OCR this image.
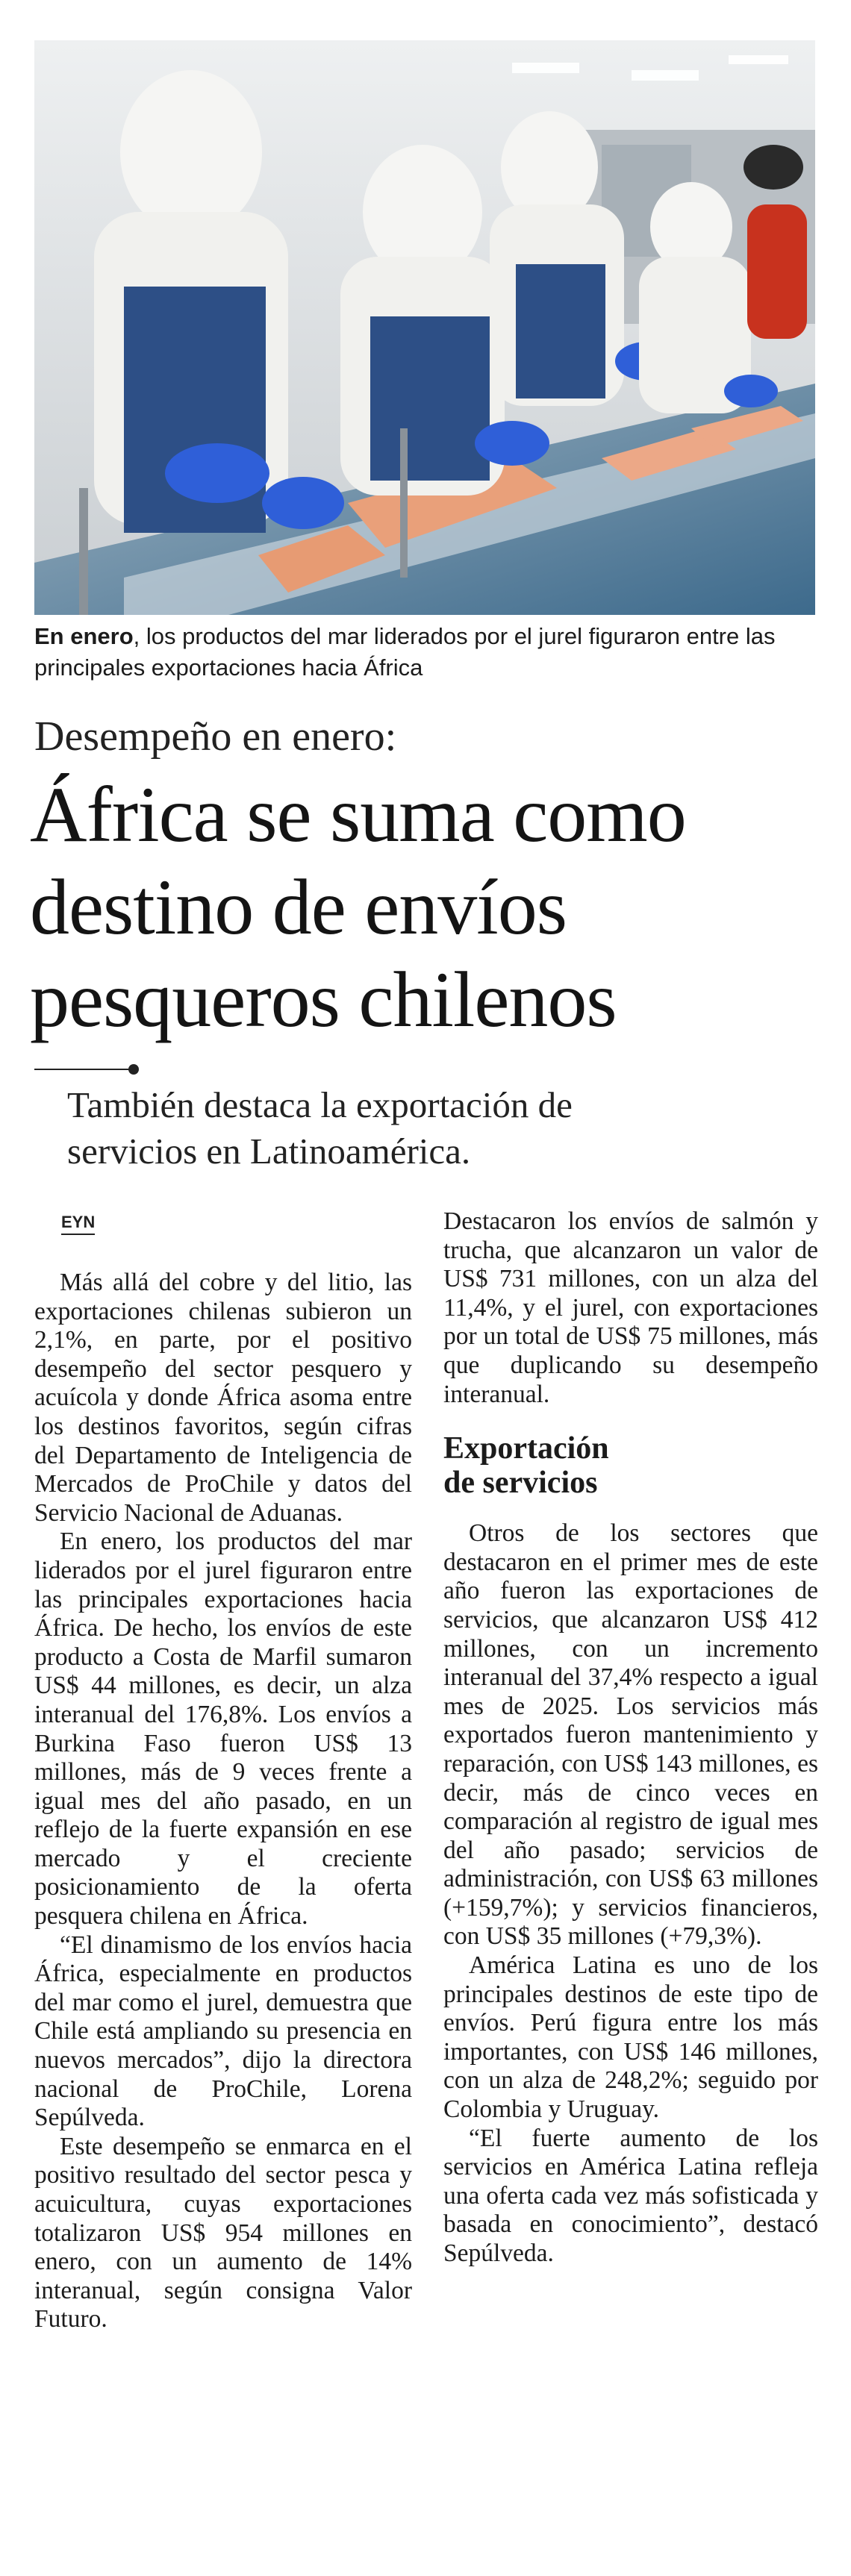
En enero, los productos del mar liderados por el jurel figuraron entre las principales exportaciones hacia África
Desempeño en enero:
África se suma como
destino de envíos
pesqueros chilenos
También destaca la exportación de
servicios en Latinoamérica.
EYN

Más allá del cobre y del litio, las exportaciones chilenas subieron un 2,1%, en parte, por el positivo desempeño del sector pesquero y acuícola y donde África asoma entre los destinos favoritos, según cifras del Departamento de Inteligencia de Mercados de ProChile y datos del Servicio Nacional de Aduanas.

En enero, los productos del mar liderados por el jurel figuraron entre las principales exportaciones hacia África. De hecho, los envíos de este producto a Costa de Marfil sumaron US$ 44 millones, es decir, un alza interanual del 176,8%. Los envíos a Burkina Faso fueron US$ 13 millones, más de 9 veces frente a igual mes del año pasado, en un reflejo de la fuerte expansión en ese mercado y el creciente posicionamiento de la oferta pesquera chilena en África.

“El dinamismo de los envíos hacia África, especialmente en productos del mar como el jurel, demuestra que Chile está ampliando su presencia en nuevos mercados”, dijo la directora nacional de ProChile, Lorena Sepúlveda.

Este desempeño se enmarca en el positivo resultado del sector pesca y acuicultura, cuyas exportaciones totalizaron US$ 954 millones en enero, con un aumento de 14% interanual, según consigna Valor Futuro.

Destacaron los envíos de salmón y trucha, que alcanzaron un valor de US$ 731 millones, con un alza del 11,4%, y el jurel, con exportaciones por un total de US$ 75 millones, más que duplicando su desempeño interanual.

Exportación
de servicios

Otros de los sectores que destacaron en el primer mes de este año fueron las exportaciones de servicios, que alcanzaron US$ 412 millones, con un incremento interanual del 37,4% respecto a igual mes de 2025. Los servicios más exportados fueron mantenimiento y reparación, con US$ 143 millones, es decir, más de cinco veces en comparación al registro de igual mes del año pasado; servicios de administración, con US$ 63 millones (+159,7%); y servicios financieros, con US$ 35 millones (+79,3%).

América Latina es uno de los principales destinos de este tipo de envíos. Perú figura entre los más importantes, con US$ 146 millones, con un alza de 248,2%; seguido por Colombia y Uruguay.

“El fuerte aumento de los servicios en América Latina refleja una oferta cada vez más sofisticada y basada en conocimiento”, destacó Sepúlveda.
